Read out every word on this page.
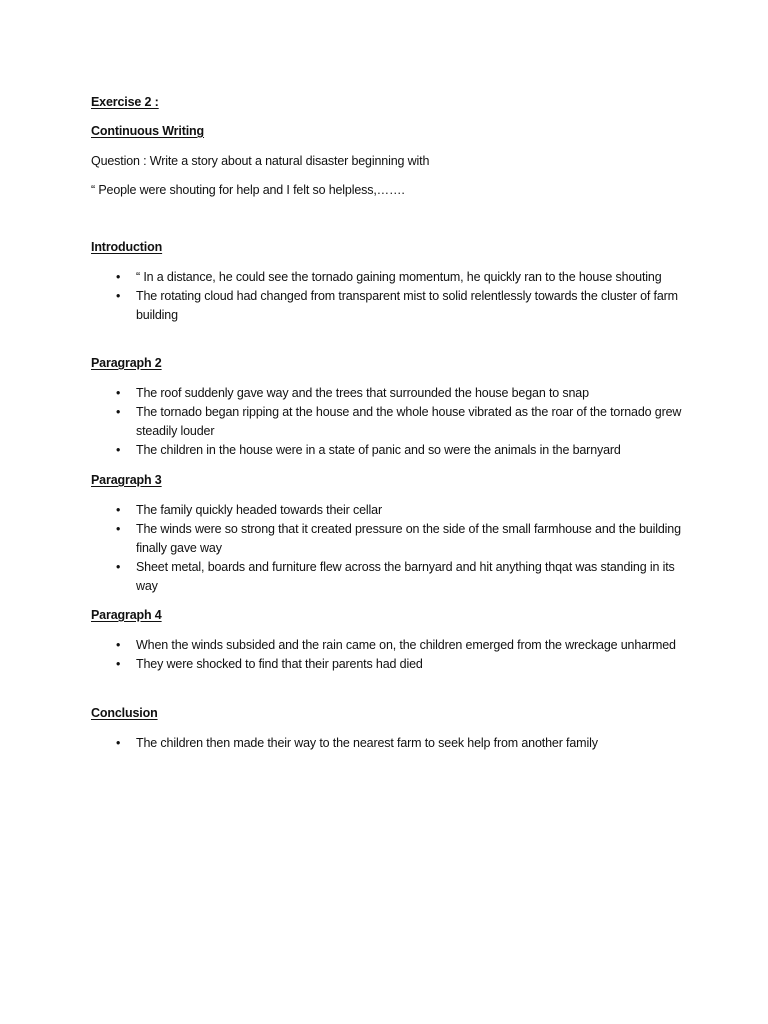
Exercise 2 :

Continuous Writing

Question : Write a story about a natural disaster beginning with

“ People were shouting for help and I felt so helpless,…….

Introduction

• “ In a distance, he could see the tornado gaining momentum, he quickly ran to the house shouting
• The rotating cloud had changed from transparent mist to solid relentlessly towards the cluster of farm building

Paragraph 2

• The roof suddenly gave way and the trees that surrounded the house began to snap
• The tornado began ripping at the house and the whole house vibrated as the roar of the tornado grew steadily louder
• The children in the house were in a state of panic and so were the animals in the barnyard

Paragraph 3

• The family quickly headed towards their cellar
• The winds were so strong that it created pressure on the side of the small farmhouse and the building finally gave way
• Sheet metal, boards and furniture flew across the barnyard and hit anything thqat was standing in its way

Paragraph 4

• When the winds subsided and the rain came on, the children emerged from the wreckage unharmed
• They were shocked to find that their parents had died

Conclusion

• The children then made their way to the nearest farm to seek help from another family
